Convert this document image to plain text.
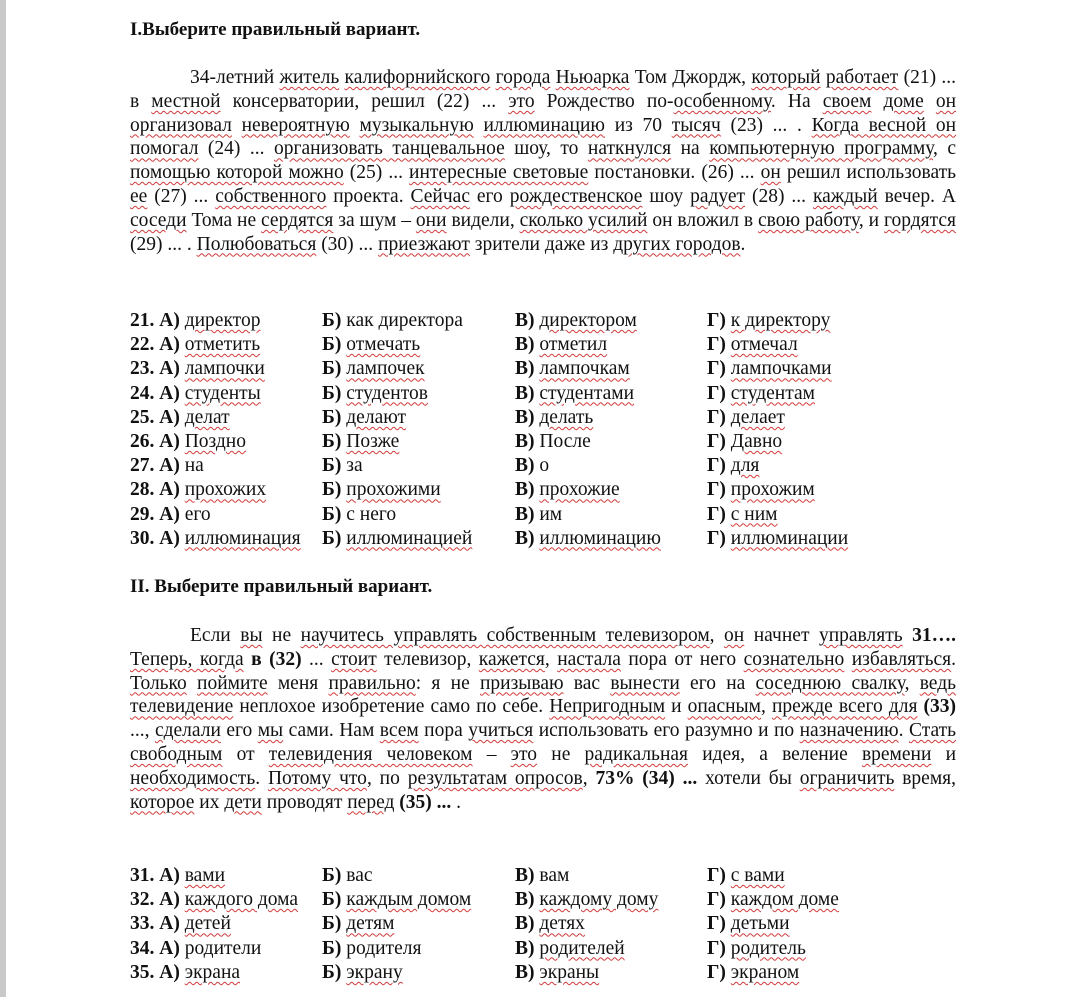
I.Выберите правильный вариант.
34-летний житель калифорнийского города Ньюарка Том Джордж, который работает (21) ... в местной консерватории, решил (22) ... это Рождество по-особенному. На своем доме он организовал невероятную музыкальную иллюминацию из 70 тысяч (23) ... . Когда весной он помогал (24) ... организовать танцевальное шоу, то наткнулся на компьютерную программу, с помощью которой можно (25) ... интересные световые постановки. (26) ... он решил использовать ее (27) ... собственного проекта. Сейчас его рождественское шоу радует (28) ... каждый вечер. А соседи Тома не сердятся за шум – они видели, сколько усилий он вложил в свою работу, и гордятся (29) ... . Полюбоваться (30) ... приезжают зрители даже из других городов.
21. А) директор	Б) как директора	В) директором	Г) к директору
22. А) отметить	Б) отмечать	В) отметил	Г) отмечал
23. А) лампочки	Б) лампочек	В) лампочкам	Г) лампочками
24. А) студенты	Б) студентов	В) студентами	Г) студентам
25. А) делат	Б) делают	В) делать	Г) делает
26. А) Поздно	Б) Позже	В) После	Г) Давно
27. А) на	Б) за	В) о	Г) для
28. А) прохожих	Б) прохожими	В) прохожие	Г) прохожим
29. А) его	Б) с него	В) им	Г) с ним
30. А) иллюминация Б) иллюминацией В) иллюминацию Г) иллюминации
II. Выберите правильный вариант.
Если вы не научитесь управлять собственным телевизором, он начнет управлять 31…. Теперь, когда в (32) ... стоит телевизор, кажется, настала пора от него сознательно избавляться. Только поймите меня правильно: я не призываю вас вынести его на соседнюю свалку, ведь телевидение неплохое изобретение само по себе. Непригодным и опасным, прежде всего для (33) ..., сделали его мы сами. Нам всем пора учиться использовать его разумно и по назначению. Стать свободным от телевидения человеком – это не радикальная идея, а веление времени и необходимость. Потому что, по результатам опросов, 73% (34) ... хотели бы ограничить время, которое их дети проводят перед (35) ... .
31. А) вами	Б) вас	В) вам	Г) с вами
32. А) каждого дома Б) каждым домом В) каждому дому Г) каждом доме
33. А) детей	Б) детям	В) детях	Г) детьми
34. А) родители	Б) родителя	В) родителей	Г) родитель
35. А) экрана	Б) экрану	В) экраны	Г) экраном
